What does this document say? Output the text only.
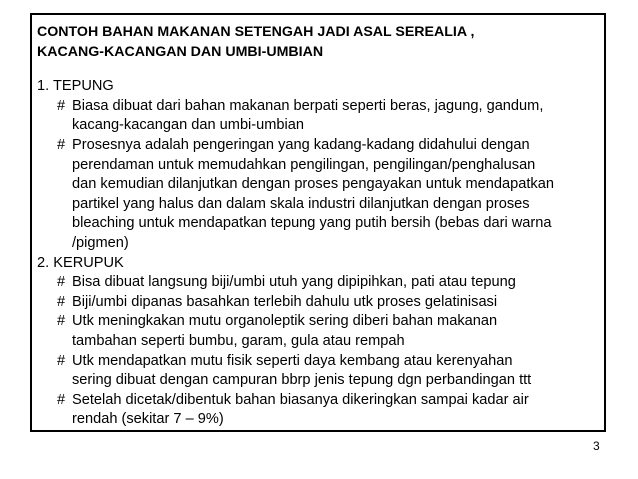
CONTOH BAHAN MAKANAN SETENGAH JADI ASAL SEREALIA ,
KACANG-KACANGAN DAN UMBI-UMBIAN
1. TEPUNG
# Biasa dibuat dari bahan makanan berpati seperti beras, jagung, gandum,
kacang-kacangan dan umbi-umbian
# Prosesnya adalah pengeringan yang kadang-kadang didahului dengan
perendaman untuk memudahkan pengilingan, pengilingan/penghalusan
dan kemudian dilanjutkan dengan proses pengayakan untuk mendapatkan
partikel yang halus dan dalam skala industri dilanjutkan dengan proses
bleaching untuk mendapatkan tepung yang putih bersih (bebas dari warna
/pigmen)
2. KERUPUK
# Bisa dibuat langsung biji/umbi utuh yang dipipihkan, pati atau tepung
# Biji/umbi dipanas basahkan terlebih dahulu utk proses gelatinisasi
# Utk meningkakan mutu organoleptik sering diberi bahan makanan
tambahan seperti bumbu, garam, gula atau rempah
# Utk mendapatkan mutu fisik seperti daya kembang atau kerenyahan
sering dibuat dengan campuran bbrp jenis tepung dgn perbandingan ttt
# Setelah dicetak/dibentuk bahan biasanya dikeringkan sampai kadar air
rendah (sekitar 7 – 9%)
3
